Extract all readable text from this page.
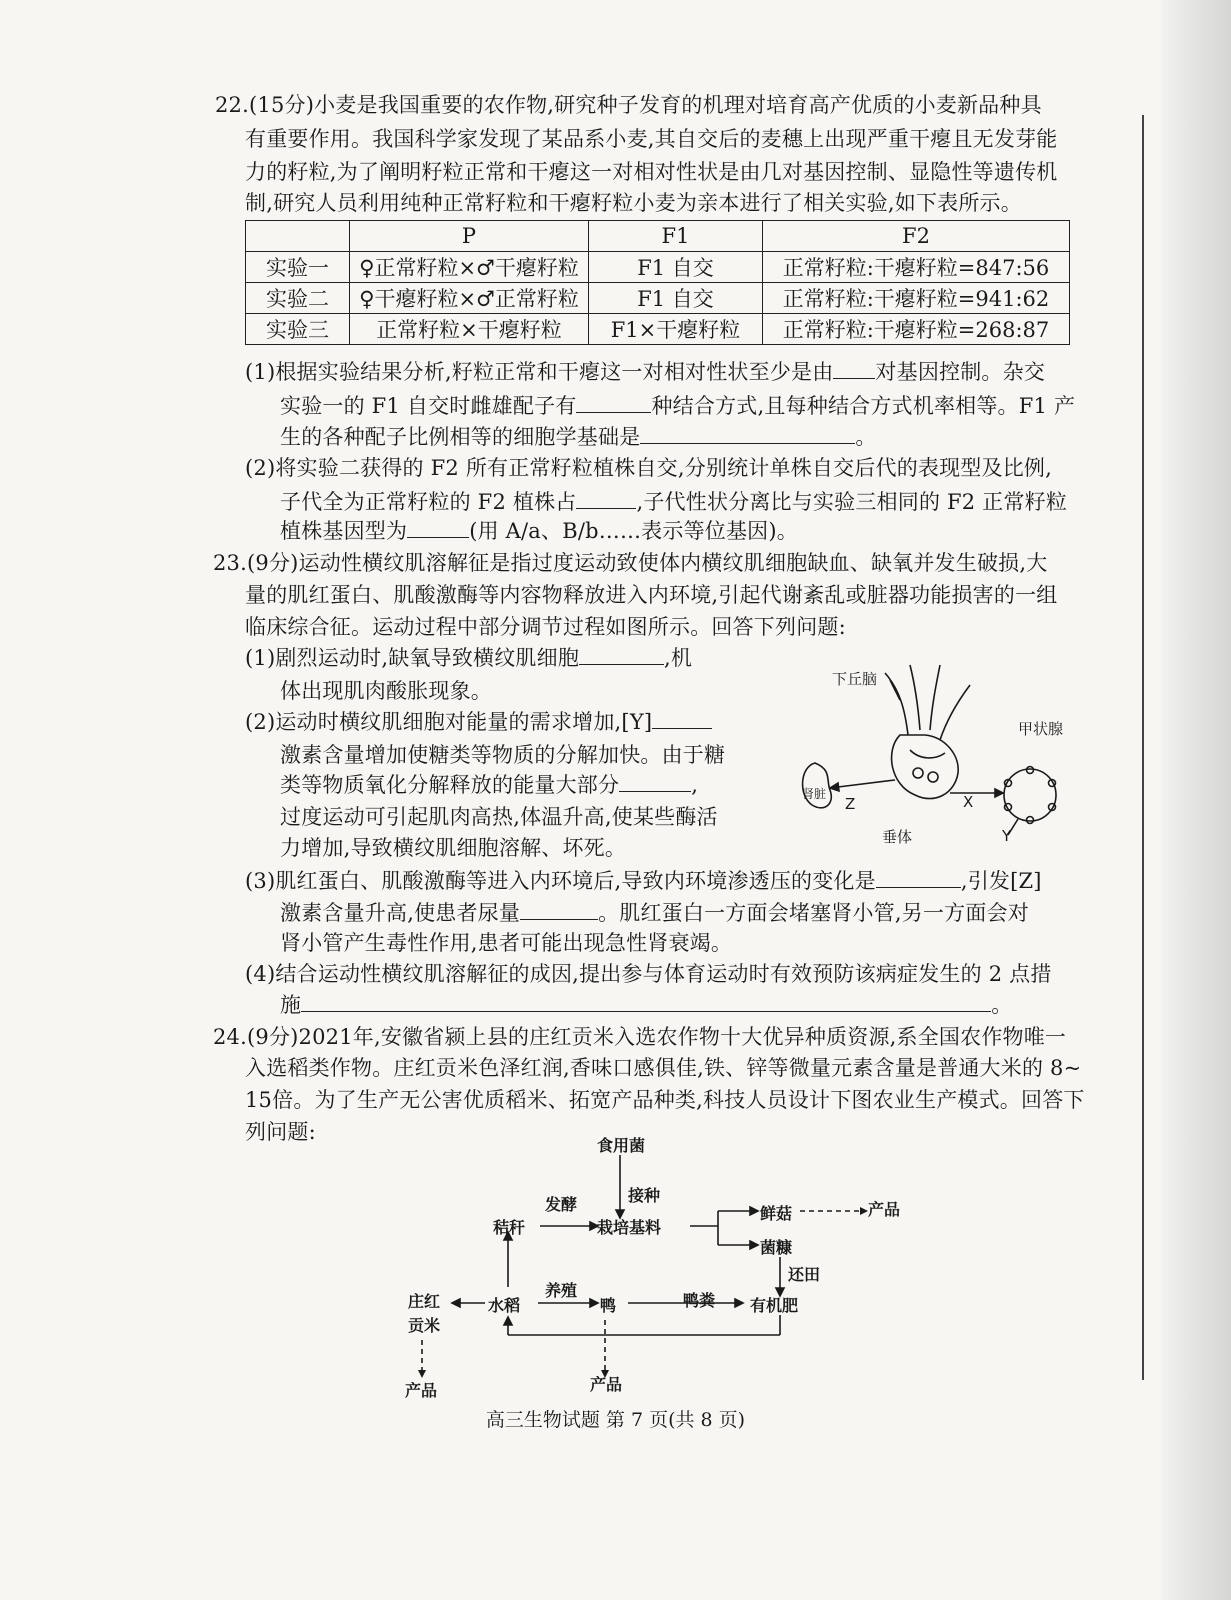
22.(15分)小麦是我国重要的农作物,研究种子发育的机理对培育高产优质的小麦新品种具
有重要作用。我国科学家发现了某品系小麦,其自交后的麦穗上出现严重干瘪且无发芽能
力的籽粒,为了阐明籽粒正常和干瘪这一对相对性状是由几对基因控制、显隐性等遗传机
制,研究人员利用纯种正常籽粒和干瘪籽粒小麦为亲本进行了相关实验,如下表所示。
	P	F1	F2
实验一	♀正常籽粒×♂干瘪籽粒	F1 自交	正常籽粒:干瘪籽粒=847:56
实验二	♀干瘪籽粒×♂正常籽粒	F1 自交	正常籽粒:干瘪籽粒=941:62
实验三	正常籽粒×干瘪籽粒	F1×干瘪籽粒	正常籽粒:干瘪籽粒=268:87
(1)根据实验结果分析,籽粒正常和干瘪这一对相对性状至少是由 对基因控制。杂交
实验一的 F1 自交时雌雄配子有	种结合方式,且每种结合方式机率相等。F1 产
生的各种配子比例相等的细胞学基础是	。
(2)将实验二获得的 F2 所有正常籽粒植株自交,分别统计单株自交后代的表现型及比例,
子代全为正常籽粒的 F2 植株占	,子代性状分离比与实验三相同的 F2 正常籽粒
植株基因型为	(用 A/a、B/b……表示等位基因)。
23.(9分)运动性横纹肌溶解征是指过度运动致使体内横纹肌细胞缺血、缺氧并发生破损,大
量的肌红蛋白、肌酸激酶等内容物释放进入内环境,引起代谢紊乱或脏器功能损害的一组
临床综合征。运动过程中部分调节过程如图所示。回答下列问题:
(1)剧烈运动时,缺氧导致横纹肌细胞	,机
体出现肌肉酸胀现象。
(2)运动时横纹肌细胞对能量的需求增加,[Y]
激素含量增加使糖类等物质的分解加快。由于糖
类等物质氧化分解释放的能量大部分	,
过度运动可引起肌肉高热,体温升高,使某些酶活
力增加,导致横纹肌细胞溶解、坏死。
(3)肌红蛋白、肌酸激酶等进入内环境后,导致内环境渗透压的变化是	,引发[Z]
激素含量升高,使患者尿量	。肌红蛋白一方面会堵塞肾小管,另一方面会对
肾小管产生毒性作用,患者可能出现急性肾衰竭。
(4)结合运动性横纹肌溶解征的成因,提出参与体育运动时有效预防该病症发生的 2 点措
施	。
下丘脑
甲状腺
垂体
肾脏	X
Y
Z
24.(9分)2021年,安徽省颍上县的庄红贡米入选农作物十大优异种质资源,系全国农作物唯一
入选稻类作物。庄红贡米色泽红润,香味口感俱佳,铁、锌等微量元素含量是普通大米的 8~
15倍。为了生产无公害优质稻米、拓宽产品种类,科技人员设计下图农业生产模式。回答下
列问题:
食用菌
接种
发酵
秸秆	栽培基料
鲜菇	产品
菌糠
还田
水稻
养殖
鸭	鸭粪 有机肥
庄红贡米
产品
产品
高三生物试题 第 7 页(共 8 页)
